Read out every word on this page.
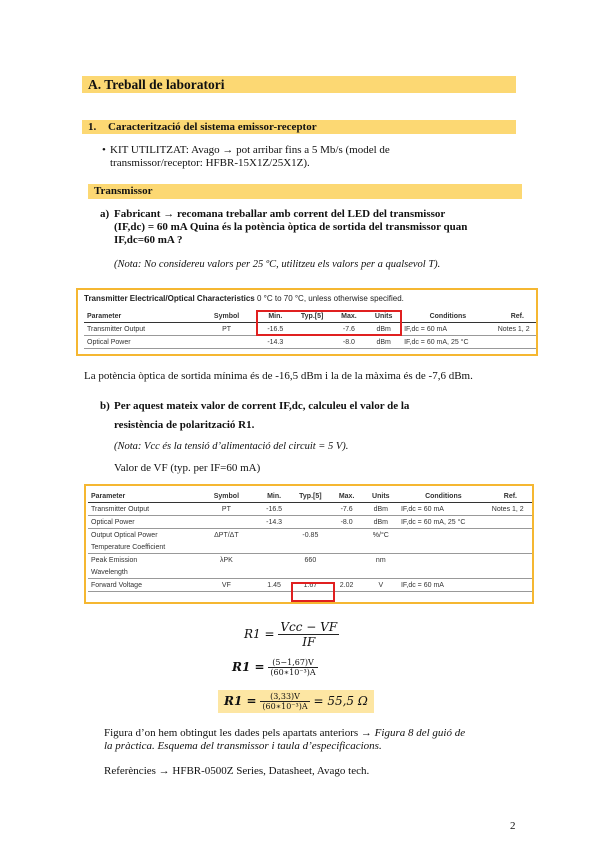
A. Treball de laboratori
1. Caracterització del sistema emissor-receptor
• KIT UTILITZAT: Avago → pot arribar fins a 5 Mb/s (model de
transmissor/receptor: HFBR-15X1Z/25X1Z).
Transmissor
a) Fabricant → recomana treballar amb corrent del LED del transmissor
(IF,dc) = 60 mA Quina és la potència òptica de sortida del transmissor quan
IF,dc=60 mA ?
(Nota: No considereu valors per 25 ºC, utilitzeu els valors per a qualsevol T).
Transmitter Electrical/Optical Characteristics 0 °C to 70 °C, unless otherwise specified.
Parameter	Symbol	Min.	Typ.[5]	Max.	Units	Conditions	Ref.
Transmitter Output	PT	-16.5		-7.6	dBm	IF,dc = 60 mA	Notes 1, 2
Optical Power		-14.3		-8.0	dBm	IF,dc = 60 mA, 25 °C	
La potència òptica de sortida mínima és de -16,5 dBm i la de la màxima és de -7,6 dBm.
b) Per aquest mateix valor de corrent IF,dc, calculeu el valor de la
resistència de polarització R1.
(Nota: Vcc és la tensió d’alimentació del circuit = 5 V).
Valor de VF (typ. per IF=60 mA)
Parameter	Symbol	Min.	Typ.[5]	Max.	Units	Conditions	Ref.
Transmitter Output	PT	-16.5		-7.6	dBm	IF,dc = 60 mA	Notes 1, 2
Optical Power		-14.3		-8.0	dBm	IF,dc = 60 mA, 25 °C	
Output Optical Power	ΔPT/ΔT		-0.85		%/°C		
Temperature Coefficient							
Peak Emission	λPK		660		nm		
Wavelength							
Forward Voltage	VF	1.45	1.67	2.02	V	IF,dc = 60 mA	
$R1 = \frac{\text{Vcc − VF}}{IF}$
$R1 = \frac{(5-1,67)V}{\text{(60∗10⁻³)A}}$
$R1 = \frac{(3,33)V}{\text{(60∗10⁻³)A}} = 55,5$ Ω
Figura d’on hem obtingut les dades pels apartats anteriors → Figura 8 del guió de
la pràctica. Esquema del transmissor i taula d’especificacions.
Referències → HFBR-0500Z Series, Datasheet, Avago tech.
2
